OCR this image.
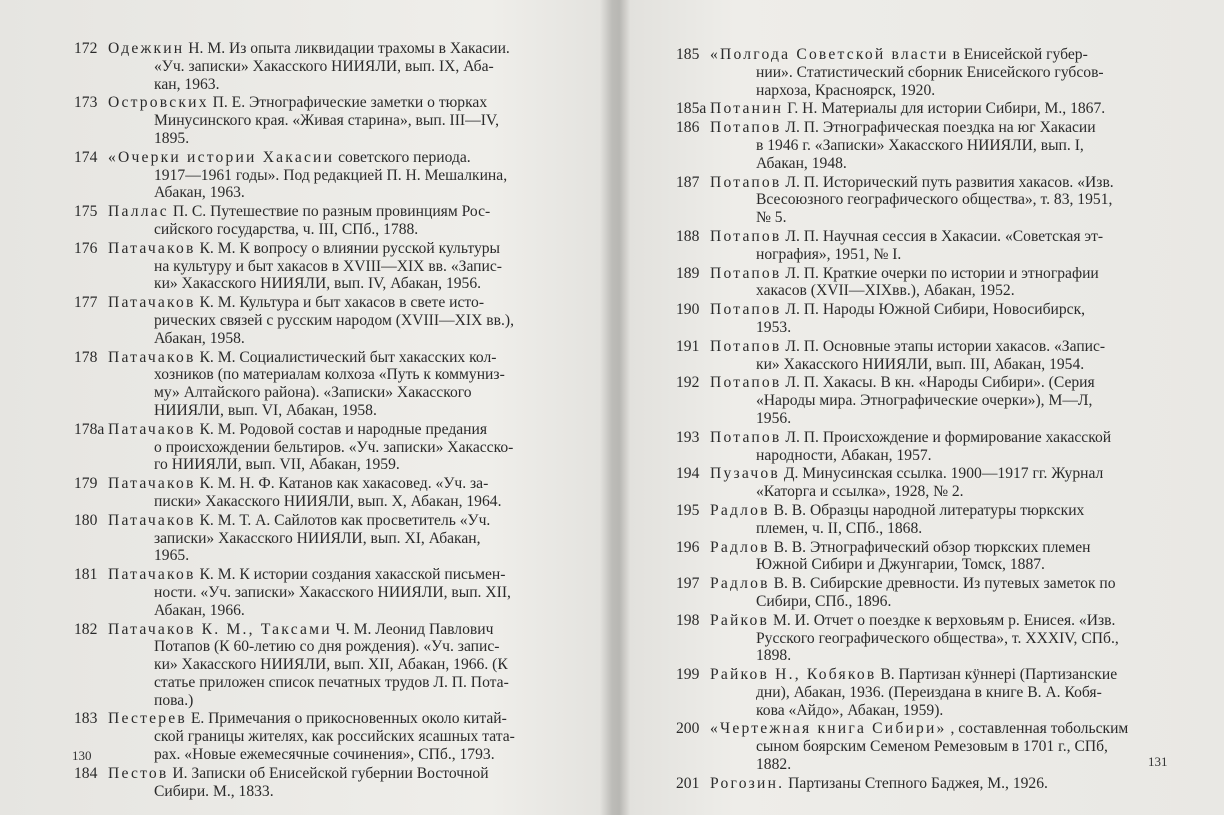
172 Одежкин Н. М. Из опыта ликвидации трахомы в Хакасии.
«Уч. записки» Хакасского НИИЯЛИ, вып. IX, Аба-
кан, 1963.
173 Островских П. Е. Этнографические заметки о тюрках
Минусинского края. «Живая старина», вып. III—IV,
1895.
174 «Очерки истории Хакасии советского периода.
1917—1961 годы». Под редакцией П. Н. Мешалкина,
Абакан, 1963.
175 Паллас П. С. Путешествие по разным провинциям Рос-
сийского государства, ч. III, СПб., 1788.
176 Патачаков К. М. К вопросу о влиянии русской культуры
на культуру и быт хакасов в XVIII—XIX вв. «Запис-
ки» Хакасского НИИЯЛИ, вып. IV, Абакан, 1956.
177 Патачаков К. М. Культура и быт хакасов в свете исто-
рических связей с русским народом (XVIII—XIX вв.),
Абакан, 1958.
178 Патачаков К. М. Социалистический быт хакасских кол-
хозников (по материалам колхоза «Путь к коммуниз-
му» Алтайского района). «Записки» Хакасского
НИИЯЛИ, вып. VI, Абакан, 1958.
178а Патачаков К. М. Родовой состав и народные предания
о происхождении бельтиров. «Уч. записки» Хакасско-
го НИИЯЛИ, вып. VII, Абакан, 1959.
179 Патачаков К. М. Н. Ф. Катанов как хакасовед. «Уч. за-
писки» Хакасского НИИЯЛИ, вып. X, Абакан, 1964.
180 Патачаков К. М. Т. А. Сайлотов как просветитель «Уч.
записки» Хакасского НИИЯЛИ, вып. XI, Абакан,
1965.
181 Патачаков К. М. К истории создания хакасской письмен-
ности. «Уч. записки» Хакасского НИИЯЛИ, вып. XII,
Абакан, 1966.
182 Патачаков К. М., Таксами Ч. М. Леонид Павлович
Потапов (К 60-летию со дня рождения). «Уч. запис-
ки» Хакасского НИИЯЛИ, вып. XII, Абакан, 1966. (К
статье приложен список печатных трудов Л. П. Пота-
пова.)
183 Пестерев Е. Примечания о прикосновенных около китай-
ской границы жителях, как российских ясашных тата-
рах. «Новые ежемесячные сочинения», СПб., 1793.
184 Пестов И. Записки об Енисейской губернии Восточной
Сибири. М., 1833.
130
185 «Полгода Советской власти в Енисейской губер-
нии». Статистический сборник Енисейского губсов-
нархоза, Красноярск, 1920.
185а Потанин Г. Н. Материалы для истории Сибири, М., 1867.
186 Потапов Л. П. Этнографическая поездка на юг Хакасии
в 1946 г. «Записки» Хакасского НИИЯЛИ, вып. I,
Абакан, 1948.
187 Потапов Л. П. Исторический путь развития хакасов. «Изв.
Всесоюзного географического общества», т. 83, 1951,
№ 5.
188 Потапов Л. П. Научная сессия в Хакасии. «Советская эт-
нография», 1951, № I.
189 Потапов Л. П. Краткие очерки по истории и этнографии
хакасов (XVII—XIXвв.), Абакан, 1952.
190 Потапов Л. П. Народы Южной Сибири, Новосибирск,
1953.
191 Потапов Л. П. Основные этапы истории хакасов. «Запис-
ки» Хакасского НИИЯЛИ, вып. III, Абакан, 1954.
192 Потапов Л. П. Хакасы. В кн. «Народы Сибири». (Серия
«Народы мира. Этнографические очерки»), М—Л,
1956.
193 Потапов Л. П. Происхождение и формирование хакасской
народности, Абакан, 1957.
194 Пузачов Д. Минусинская ссылка. 1900—1917 гг. Журнал
«Каторга и ссылка», 1928, № 2.
195 Радлов В. В. Образцы народной литературы тюркских
племен, ч. II, СПб., 1868.
196 Радлов В. В. Этнографический обзор тюркских племен
Южной Сибири и Джунгарии, Томск, 1887.
197 Радлов В. В. Сибирские древности. Из путевых заметок по
Сибири, СПб., 1896.
198 Райков М. И. Отчет о поездке к верховьям р. Енисея. «Изв.
Русского географического общества», т. XXXIV, СПб.,
1898.
199 Райков Н., Кобяков В. Партизан кӱннерi (Партизанские
дни), Абакан, 1936. (Переиздана в книге В. А. Кобя-
кова «Айдо», Абакан, 1959).
200 «Чертежная книга Сибири» , составленная тобольским
сыном боярским Семеном Ремезовым в 1701 г., СПб,
1882.
201 Рогозин. Партизаны Степного Баджея, М., 1926.
131
